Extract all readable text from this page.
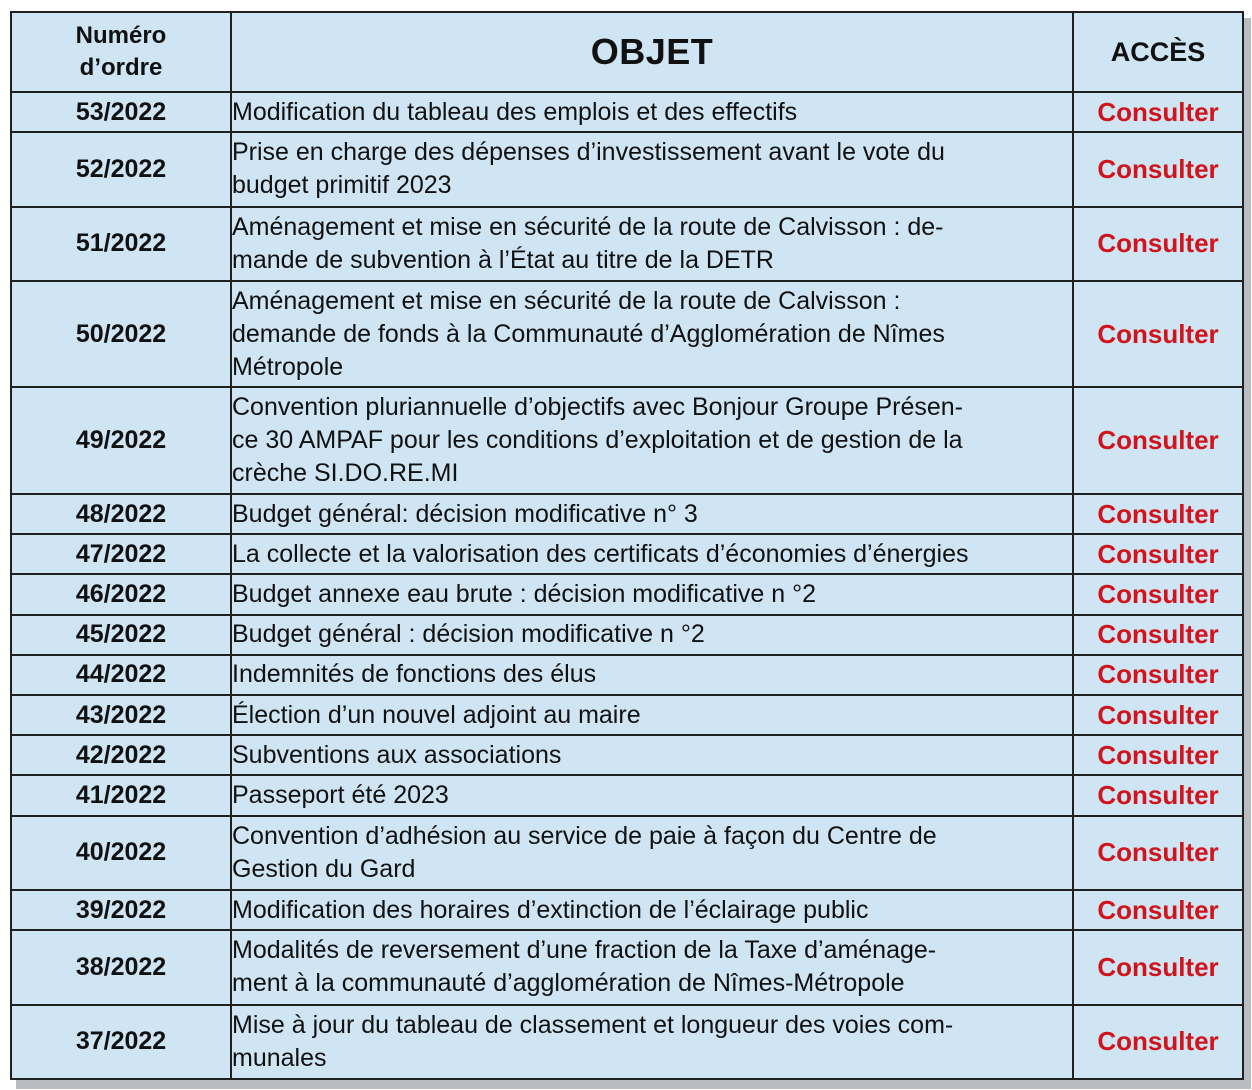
Numéro
d’ordre	OBJET	ACCÈS
53/2022	Modification du tableau des emplois et des effectifs	Consulter
52/2022	Prise en charge des dépenses d’investissement avant le vote du
budget primitif 2023	Consulter
51/2022	Aménagement et mise en sécurité de la route de Calvisson : de-
mande de subvention à l’État au titre de la DETR	Consulter
50/2022	Aménagement et mise en sécurité de la route de Calvisson :
demande de fonds à la Communauté d’Agglomération de Nîmes
Métropole	Consulter
49/2022	Convention pluriannuelle d’objectifs avec Bonjour Groupe Présen-
ce 30 AMPAF pour les conditions d’exploitation et de gestion de la
crèche SI.DO.RE.MI	Consulter
48/2022	Budget général: décision modificative n° 3	Consulter
47/2022	La collecte et la valorisation des certificats d’économies d’énergies	Consulter
46/2022	Budget annexe eau brute : décision modificative n °2	Consulter
45/2022	Budget général : décision modificative n °2	Consulter
44/2022	Indemnités de fonctions des élus	Consulter
43/2022	Élection d’un nouvel adjoint au maire	Consulter
42/2022	Subventions aux associations	Consulter
41/2022	Passeport été 2023	Consulter
40/2022	Convention d’adhésion au service de paie à façon du Centre de
Gestion du Gard	Consulter
39/2022	Modification des horaires d’extinction de l’éclairage public	Consulter
38/2022	Modalités de reversement d’une fraction de la Taxe d’aménage-
ment à la communauté d’agglomération de Nîmes-Métropole	Consulter
37/2022	Mise à jour du tableau de classement et longueur des voies com-
munales	Consulter
